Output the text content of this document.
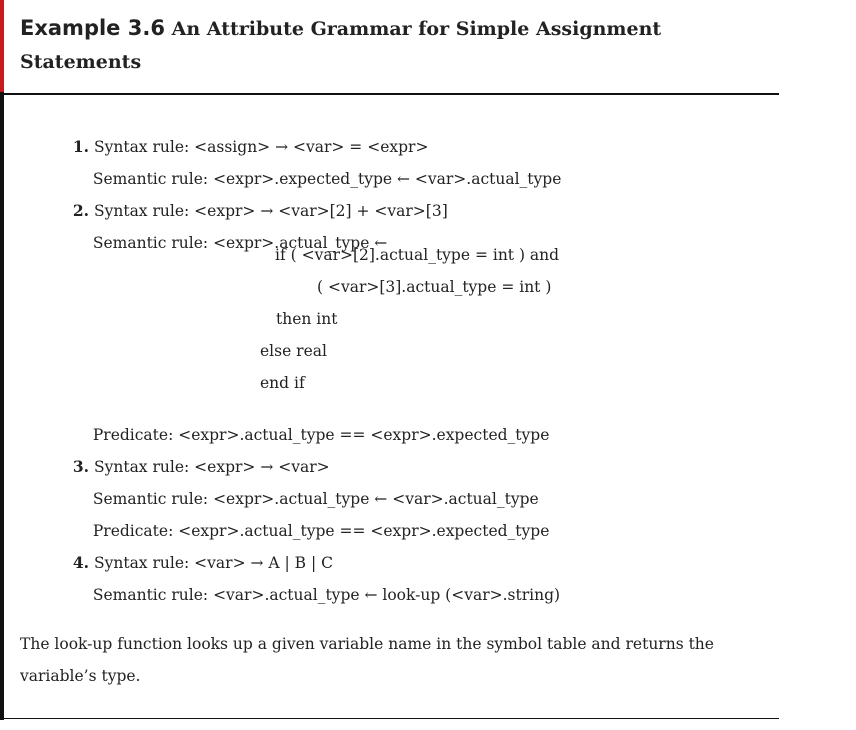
Example 3.6 An Attribute Grammar for Simple Assignment Statements

1. Syntax rule: <assign> → <var> = <expr>

Semantic rule: <expr>.expected_type ← <var>.actual_type

2. Syntax rule: <expr> → <var>[2] + <var>[3]

Semantic rule: <expr>.actual_type ←

if ( <var>[2].actual_type = int ) and
( <var>[3].actual_type = int )
then int
else real
end if

Predicate: <expr>.actual_type == <expr>.expected_type

3. Syntax rule: <expr> → <var>

Semantic rule: <expr>.actual_type ← <var>.actual_type

Predicate: <expr>.actual_type == <expr>.expected_type

4. Syntax rule: <var> → A | B | C

Semantic rule: <var>.actual_type ← look-up (<var>.string)

The look-up function looks up a given variable name in the symbol table and returns the variable’s type.
